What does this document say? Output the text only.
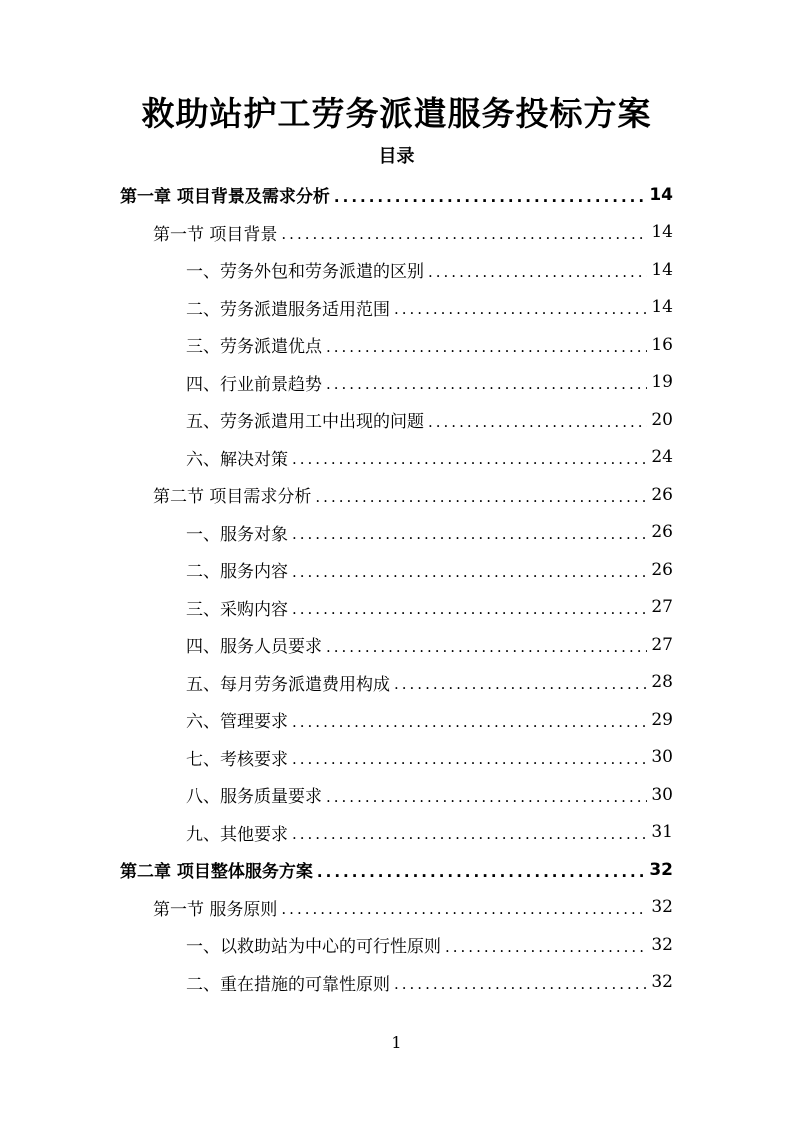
救助站护工劳务派遣服务投标方案
目录
第一章 项目背景及需求分析 .....	14
第一节 项目背景 .....	14
一、劳务外包和劳务派遣的区别 .....	14
二、劳务派遣服务适用范围 .....	14
三、劳务派遣优点 .....	16
四、行业前景趋势 .....	19
五、劳务派遣用工中出现的问题 .....	20
六、解决对策 .....	24
第二节 项目需求分析 .....	26
一、服务对象 .....	26
二、服务内容 .....	26
三、采购内容 .....	27
四、服务人员要求 .....	27
五、每月劳务派遣费用构成 .....	28
六、管理要求 .....	29
七、考核要求 .....	30
八、服务质量要求 .....	30
九、其他要求 .....	31
第二章 项目整体服务方案 .....	32
第一节 服务原则 .....	32
一、以救助站为中心的可行性原则 .....	32
二、重在措施的可靠性原则 .....	32
1
